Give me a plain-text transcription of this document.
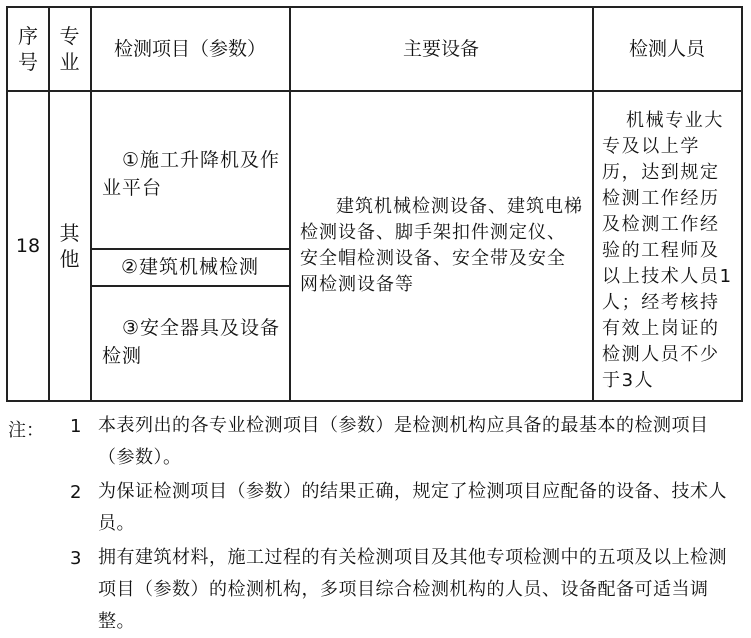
序
号
专
业
检测项目（参数）	主要设备	检测人员
18
其
他
①施工升降机及作业平台
②建筑机械检测
③安全器具及设备检测
建筑机械检测设备、建筑电梯检测设备、脚手架扣件测定仪、安全帽检测设备、安全带及安全网检测设备等
机械专业大专及以上学历，达到规定检测工作经历及检测工作经验的工程师及以上技术人员1人；经考核持有效上岗证的检测人员不少于3人
注： 1 本表列出的各专业检测项目（参数）是检测机构应具备的最基本的检测项目（参数）。
2 为保证检测项目（参数）的结果正确，规定了检测项目应配备的设备、技术人员。
3 拥有建筑材料，施工过程的有关检测项目及其他专项检测中的五项及以上检测项目（参数）的检测机构，多项目综合检测机构的人员、设备配备可适当调整。
